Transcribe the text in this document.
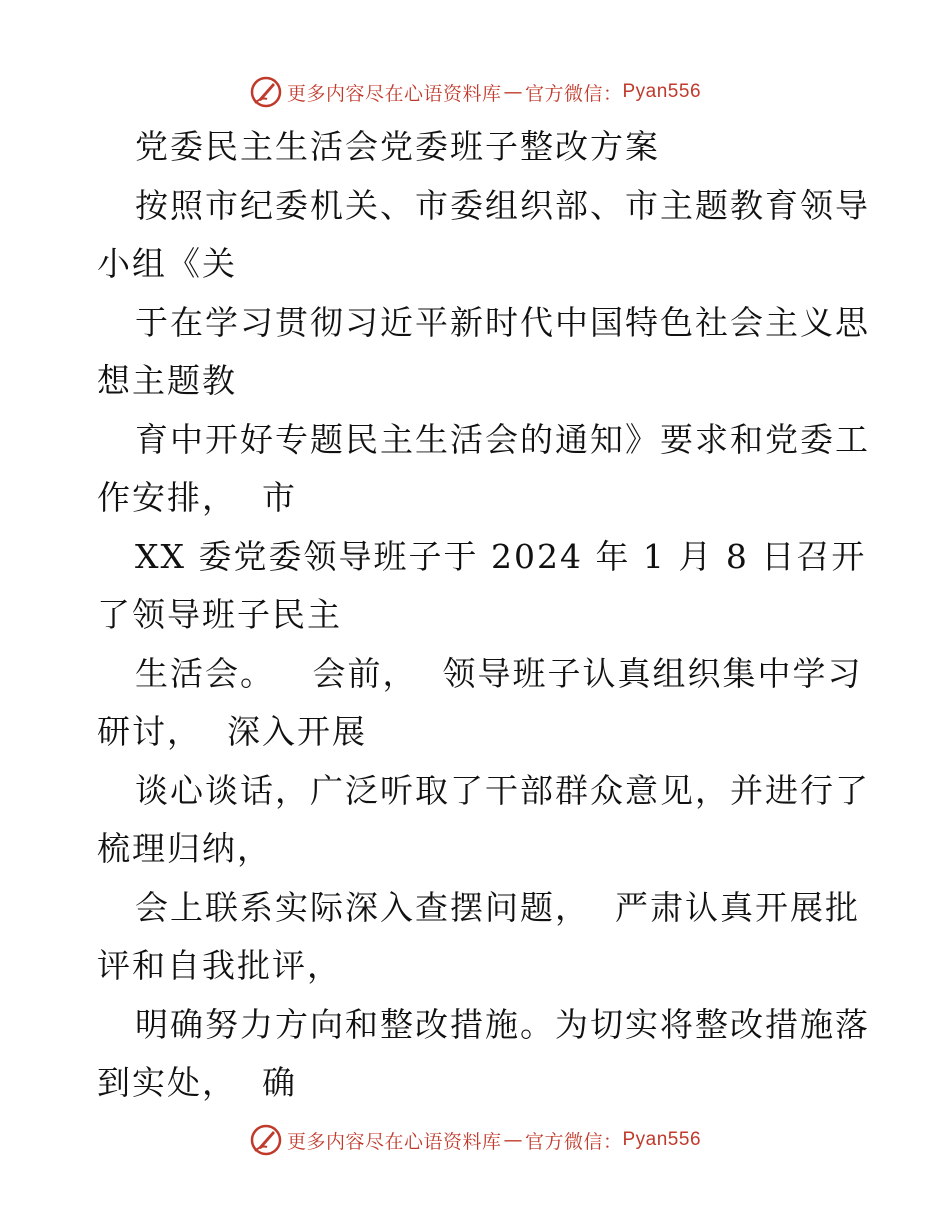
更多内容尽在心语资料库 — 官方微信： Pyan556
党委民主生活会党委班子整改方案
按照市纪委机关、市委组织部、市主题教育领导
小组《关
于在学习贯彻习近平新时代中国特色社会主义思
想主题教
育中开好专题民主生活会的通知》要求和党委工
作安排，  市
XX 委党委领导班子于 2024 年 1 月 8 日召开
了领导班子民主
生活会。   会前，  领导班子认真组织集中学习
研讨，  深入开展
谈心谈话，广泛听取了干部群众意见，并进行了
梳理归纳，
会上联系实际深入查摆问题，  严肃认真开展批
评和自我批评，
明确努力方向和整改措施。为切实将整改措施落
到实处，  确
更多内容尽在心语资料库 — 官方微信： Pyan556
